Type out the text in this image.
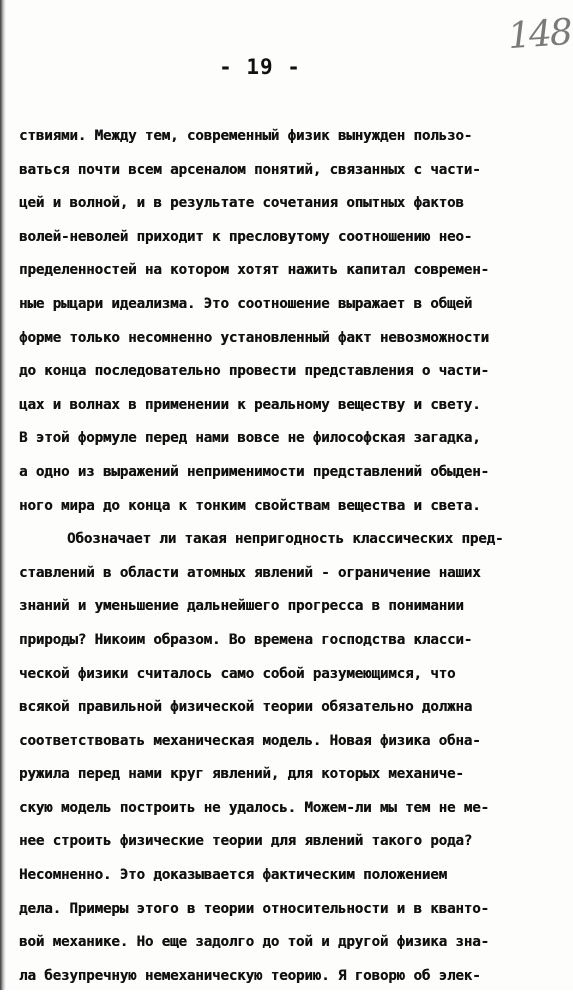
148
- 19 -
ствиями. Между тем, современный физик вынужден пользо-
ваться почти всем арсеналом понятий, связанных с части-
цей и волной, и в результате сочетания опытных фактов
волей-неволей приходит к пресловутому соотношению нео-
пределенностей на котором хотят нажить капитал современ-
ные рыцари идеализма. Это соотношение выражает в общей
форме только несомненно установленный факт невозможности
до конца последовательно провести представления о части-
цах и волнах в применении к реальному веществу и свету.
В этой формуле перед нами вовсе не философская загадка,
а одно из выражений неприменимости представлений обыден-
ного мира до конца к тонким свойствам вещества и света.
Обозначает ли такая непригодность классических пред-
ставлений в области атомных явлений - ограничение наших
знаний и уменьшение дальнейшего прогресса в понимании
природы? Никоим образом. Во времена господства класси-
ческой физики считалось само собой разумеющимся, что
всякой правильной физической теории обязательно должна
соответствовать механическая модель. Новая физика обна-
ружила перед нами круг явлений, для которых механиче-
скую модель построить не удалось. Можем-ли мы тем не ме-
нее строить физические теории для явлений такого рода?
Несомненно. Это доказывается фактическим положением
дела. Примеры этого в теории относительности и в кванто-
вой механике. Но еще задолго до той и другой физика зна-
ла безупречную немеханическую теорию. Я говорю об элек-
